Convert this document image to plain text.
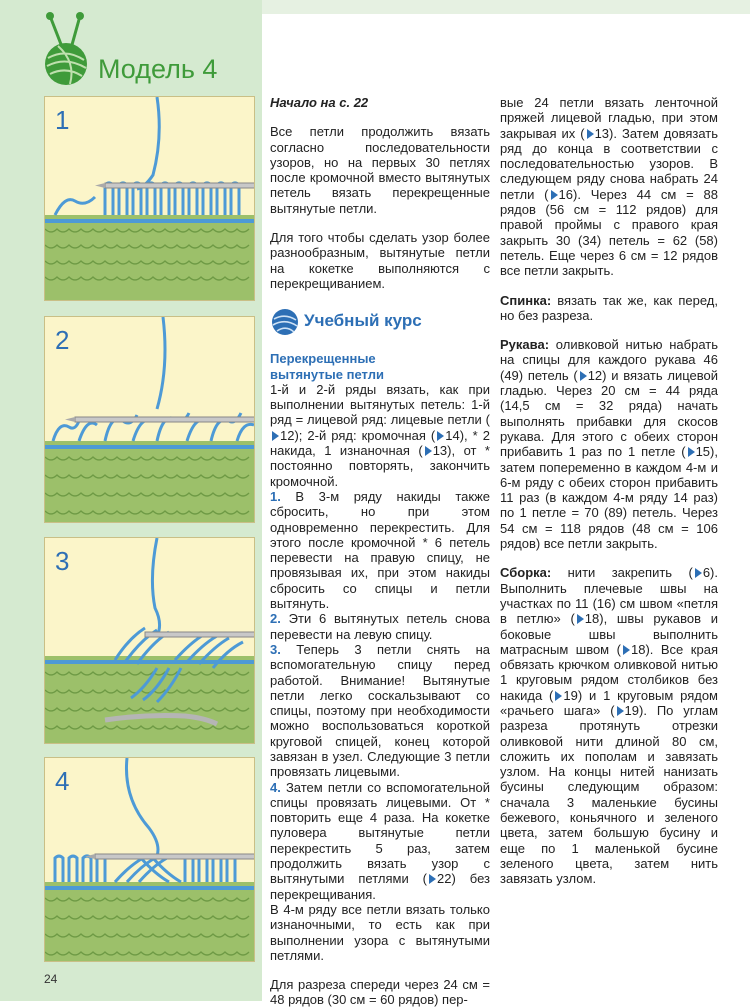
Модель 4
1
2
3
4

Начало на с. 22

Все петли продолжить вязать согласно последовательности узоров, но на первых 30 петлях после кромочной вместо вытянутых петель вязать перекрещенные вытянутые петли.

Для того чтобы сделать узор более разнообразным, вытянутые петли на кокетке выполняются с перекрещиванием.

Учебный курс
Перекрещенные вытянутые петли

1-й и 2-й ряды вязать, как при выполнении вытянутых петель: 1-й ряд = лицевой ряд: лицевые петли (12); 2-й ряд: кромочная ( 14), * 2 накида, 1 изнаночная ( 13), от * постоянно повторять, закончить кромочной.

1. В 3-м ряду накиды также сбросить, но при этом одновременно перекрестить. Для этого после кромочной * 6 петель перевести на правую спицу, не провязывая их, при этом накиды сбросить со спицы и петли вытянуть.

2. Эти 6 вытянутых петель снова перевести на левую спицу.

3. Теперь 3 петли снять на вспомогательную спицу перед работой. Внимание! Вытянутые петли легко соскальзывают со спицы, поэтому при необходимости можно воспользоваться короткой круговой спицей, конец которой завязан в узел. Следующие 3 петли провязать лицевыми.

4. Затем петли со вспомогательной спицы провязать лицевыми. От * повторить еще 4 раза. На кокетке пуловера вытянутые петли перекрестить 5 раз, затем продолжить вязать узор с вытянутыми петлями ( 22) без перекрещивания.

В 4-м ряду все петли вязать только изнаночными, то есть как при выполнении узора с вытянутыми петлями.

Для разреза спереди через 24 см = 48 рядов (30 см = 60 рядов) пер-

вые 24 петли вязать ленточной пряжей лицевой гладью, при этом закрывая их ( 13). Затем довязать ряд до конца в соответствии с последовательностью узоров. В следующем ряду снова набрать 24 петли ( 16). Через 44 см = 88 рядов (56 см = 112 рядов) для правой проймы с правого края закрыть 30 (34) петель = 62 (58) петель. Еще через 6 см = 12 рядов все петли закрыть.

Спинка: вязать так же, как перед, но без разреза.

Рукава: оливковой нитью набрать на спицы для каждого рукава 46 (49) петель ( 12) и вязать лицевой гладью. Через 20 см = 44 ряда (14,5 см = 32 ряда) начать выполнять прибавки для скосов рукава. Для этого с обеих сторон прибавить 1 раз по 1 петле ( 15), затем попеременно в каждом 4-м и 6-м ряду с обеих сторон прибавить 11 раз (в каждом 4-м ряду 14 раз) по 1 петле = 70 (89) петель. Через 54 см = 118 рядов (48 см = 106 рядов) все петли закрыть.

Сборка: нити закрепить ( 6). Выполнить плечевые швы на участках по 11 (16) см швом «петля в петлю» ( 18), швы рукавов и боковые швы выполнить матрасным швом ( 18). Все края обвязать крючком оливковой нитью 1 круговым рядом столбиков без накида ( 19) и 1 круговым рядом «рачьего шага» ( 19). По углам разреза протянуть отрезки оливковой нити длиной 80 см, сложить их пополам и завязать узлом. На концы нитей нанизать бусины следующим образом: сначала 3 маленькие бусины бежевого, коньячного и зеленого цвета, затем большую бусину и еще по 1 маленькой бусине зеленого цвета, затем нить завязать узлом.

24
